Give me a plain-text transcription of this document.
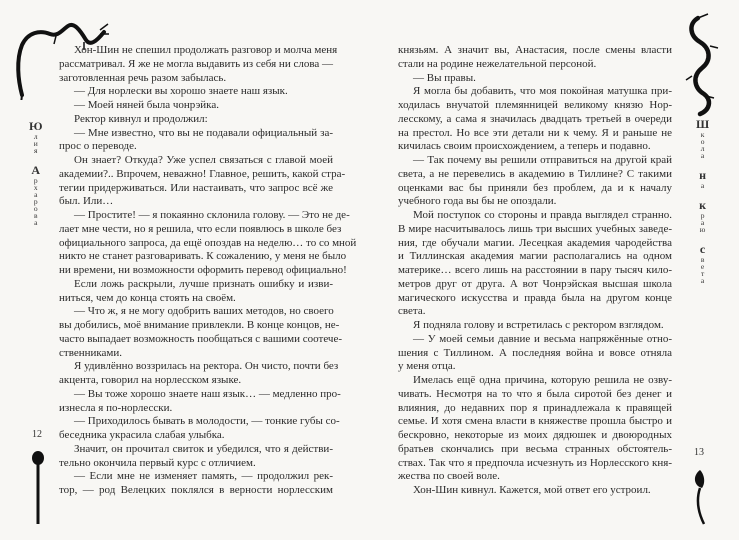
Ю
л
и
я
А
р
х
а
р
о
в
а
Ш
к
о
л
а
н
а
к
р
а
ю
с
в
е
т
а
Хон-Шин не спешил продолжать разговор и молча меня
рассматривал. Я же не могла выдавить из себя ни слова —
заготовленная речь разом забылась.
— Для норлески вы хорошо знаете наш язык.
— Моей няней была чонрэйка.
Ректор кивнул и продолжил:
— Мне известно, что вы не подавали официальный за-
прос о переводе.
Он знает? Откуда? Уже успел связаться с главой моей
академии?.. Впрочем, неважно! Главное, решить, какой стра-
тегии придерживаться. Или настаивать, что запрос всё же
был. Или…
— Простите! — я покаянно склонила голову. — Это не де-
лает мне чести, но я решила, что если появлюсь в школе без
официального запроса, да ещё опоздав на неделю… то со мной
никто не станет разговаривать. К сожалению, у меня не было
ни времени, ни возможности оформить перевод официально!
Если ложь раскрыли, лучше признать ошибку и изви-
ниться, чем до конца стоять на своём.
— Что ж, я не могу одобрить ваших методов, но своего
вы добились, моё внимание привлекли. В конце концов, не-
часто выпадает возможность пообщаться с вашими соотече-
ственниками.
Я удивлённо воззрилась на ректора. Он чисто, почти без
акцента, говорил на норлесском языке.
— Вы тоже хорошо знаете наш язык… — медленно про-
изнесла я по-норлесски.
— Приходилось бывать в молодости, — тонкие губы со-
беседника украсила слабая улыбка.
Значит, он прочитал свиток и убедился, что я действи-
тельно окончила первый курс с отличием.
— Если мне не изменяет память, — продолжил рек-
тор, — род Велецких поклялся в верности норлесским
князьям. А значит вы, Анастасия, после смены власти
стали на родине нежелательной персоной.
— Вы правы.
Я могла бы добавить, что моя покойная матушка при-
ходилась внучатой племянницей великому князю Нор-
лесскому, а сама я значилась двадцать третьей в очереди
на престол. Но все эти детали ни к чему. Я и раньше не
кичилась своим происхождением, а теперь и подавно.
— Так почему вы решили отправиться на другой край
света, а не перевелись в академию в Тиллине? С такими
оценками вас бы приняли без проблем, да и к началу
учебного года вы бы не опоздали.
Мой поступок со стороны и правда выглядел странно.
В мире насчитывалось лишь три высших учебных заведе-
ния, где обучали магии. Лесецкая академия чародейства
и Тиллинская академия магии располагались на одном
материке… всего лишь на расстоянии в пару тысяч кило-
метров друг от друга. А вот Чонрэйская высшая школа
магического искусства и правда была на другом конце
света.
Я подняла голову и встретилась с ректором взглядом.
— У моей семьи давние и весьма напряжённые отно-
шения с Тиллином. А последняя война и вовсе отняла
у меня отца.
Имелась ещё одна причина, которую решила не озву-
чивать. Несмотря на то что я была сиротой без денег и
влияния, до недавних пор я принадлежала к правящей
семье. И хотя смена власти в княжестве прошла быстро и
бескровно, некоторые из моих дядюшек и двоюродных
братьев скончались при весьма странных обстоятель-
ствах. Так что я предпочла исчезнуть из Норлесского кня-
жества по своей воле.
Хон-Шин кивнул. Кажется, мой ответ его устроил.
12
13
